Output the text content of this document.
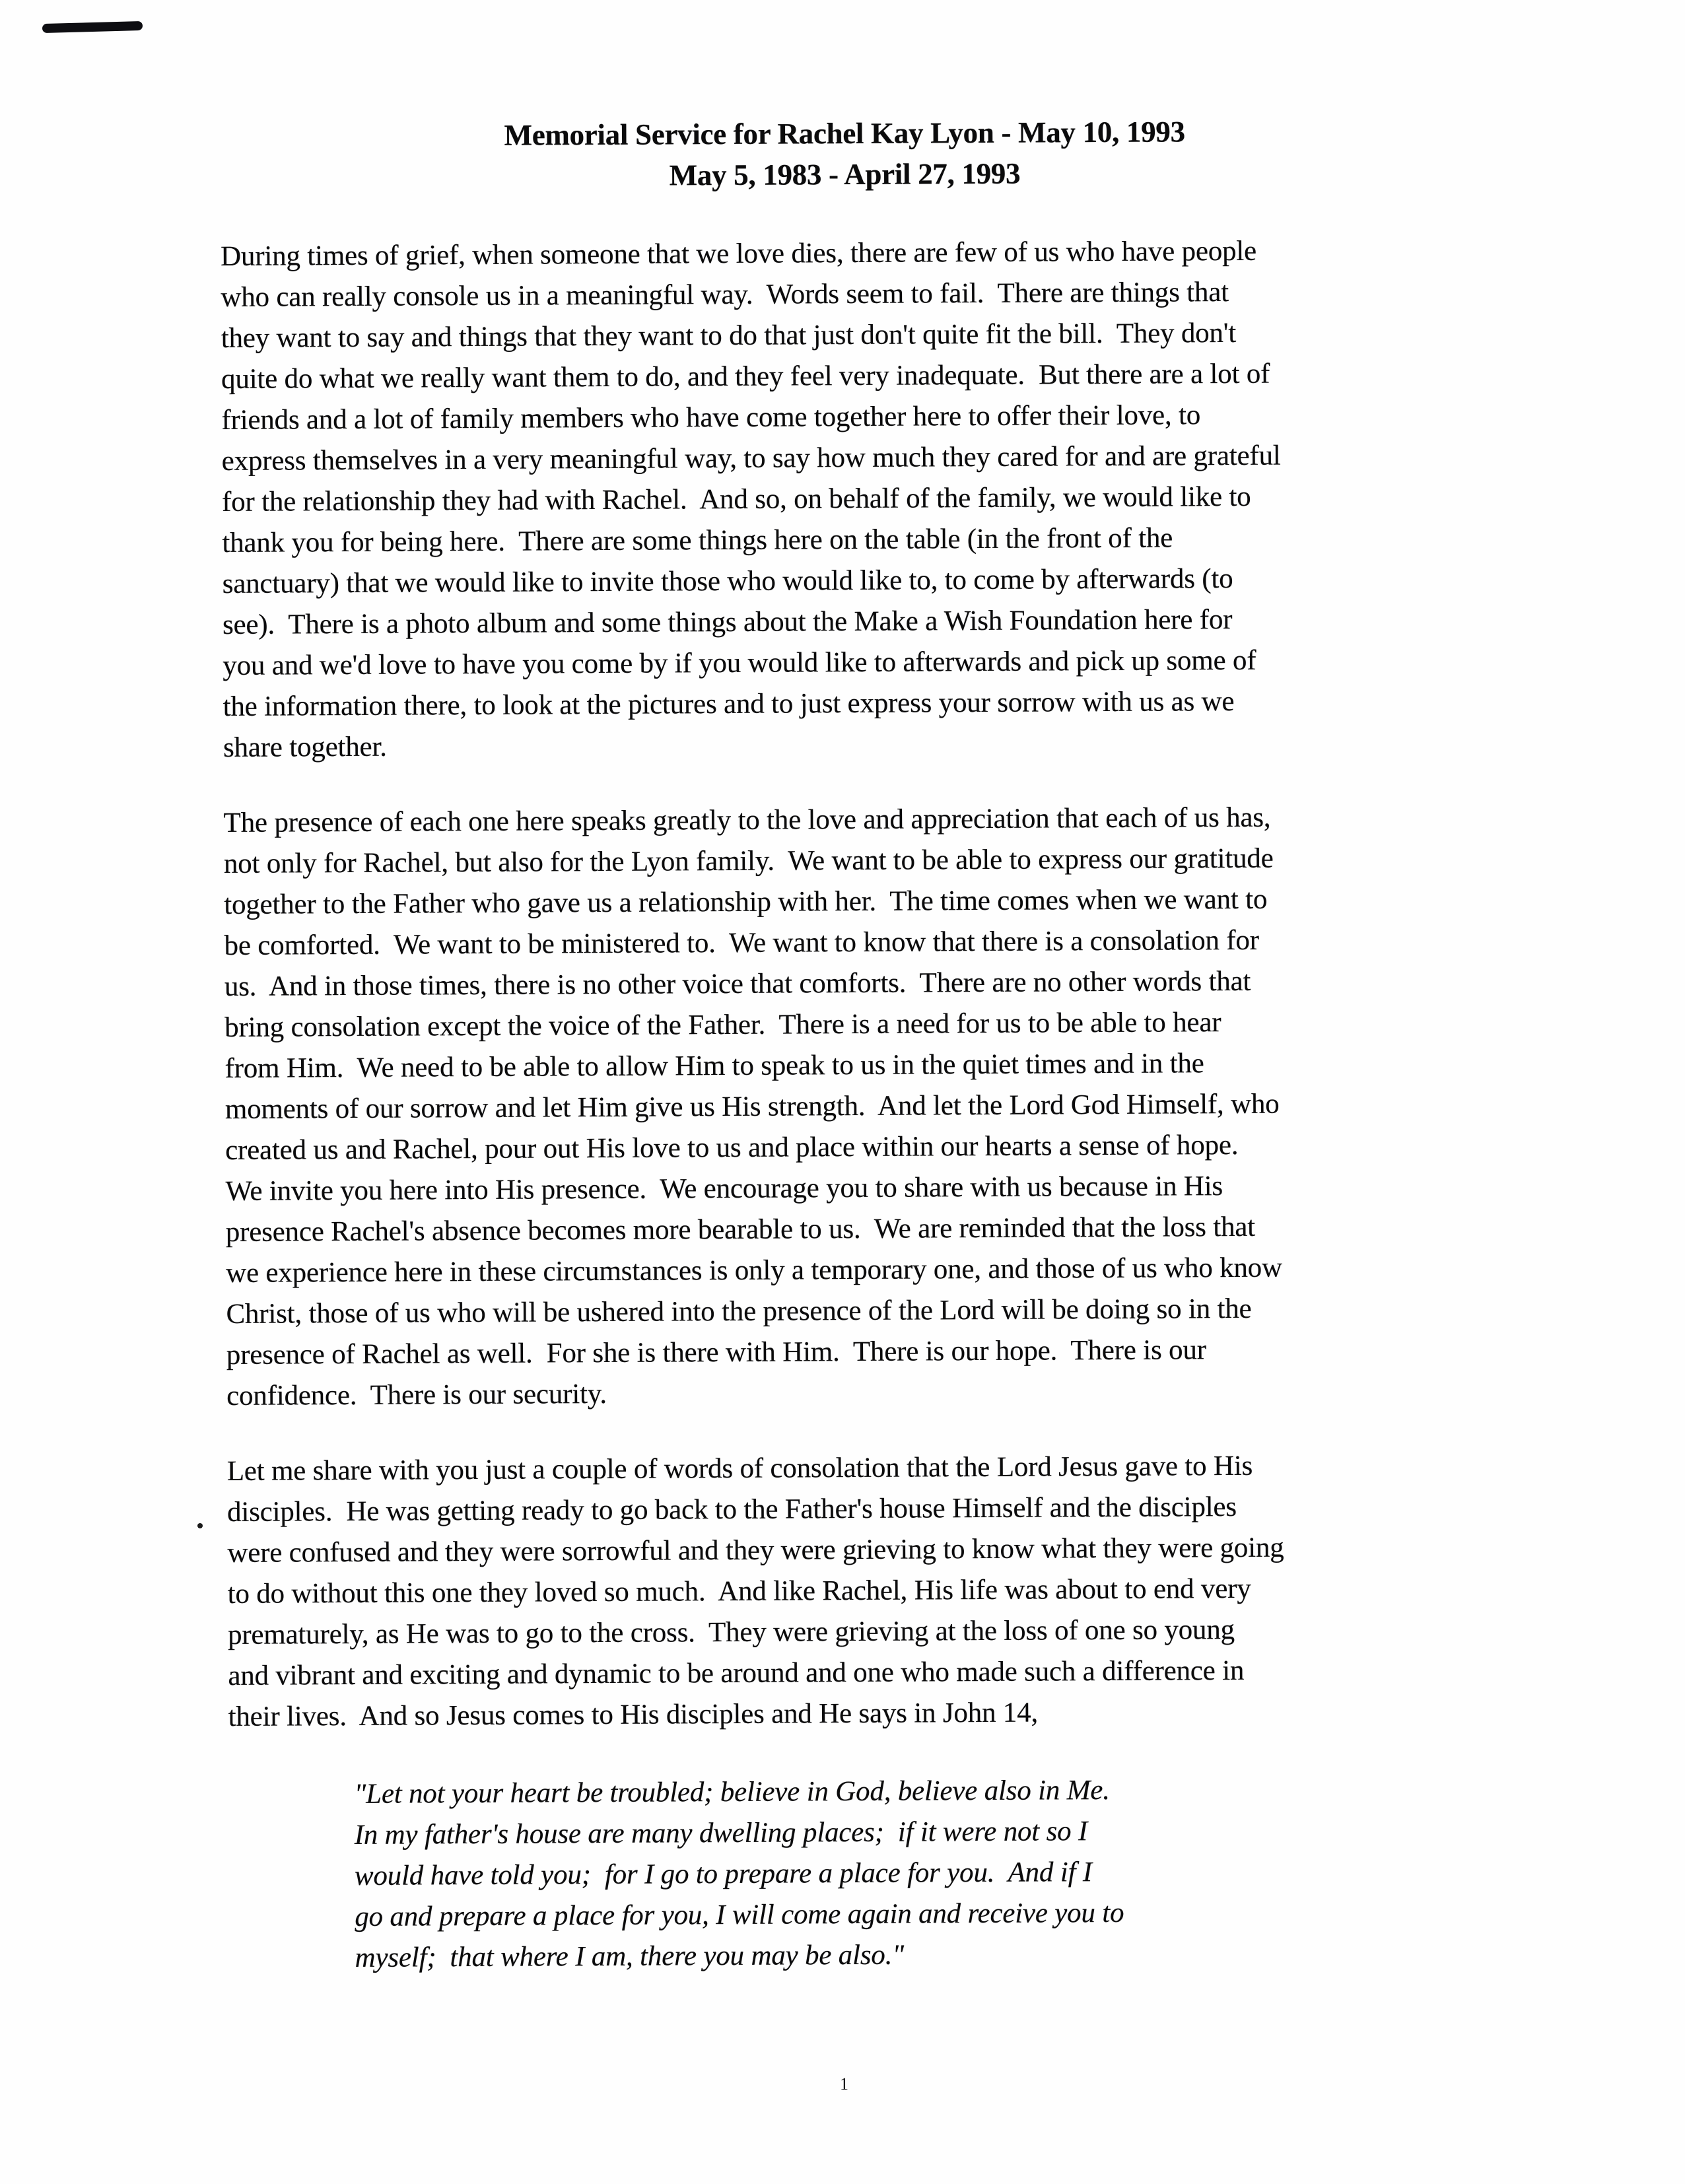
Memorial Service for Rachel Kay Lyon - May 10, 1993
May 5, 1983 - April 27, 1993
During times of grief, when someone that we love dies, there are few of us who have people
who can really console us in a meaningful way.  Words seem to fail.  There are things that
they want to say and things that they want to do that just don't quite fit the bill.  They don't
quite do what we really want them to do, and they feel very inadequate.  But there are a lot of
friends and a lot of family members who have come together here to offer their love, to
express themselves in a very meaningful way, to say how much they cared for and are grateful
for the relationship they had with Rachel.  And so, on behalf of the family, we would like to
thank you for being here.  There are some things here on the table (in the front of the
sanctuary) that we would like to invite those who would like to, to come by afterwards (to
see).  There is a photo album and some things about the Make a Wish Foundation here for
you and we'd love to have you come by if you would like to afterwards and pick up some of
the information there, to look at the pictures and to just express your sorrow with us as we
share together.
The presence of each one here speaks greatly to the love and appreciation that each of us has,
not only for Rachel, but also for the Lyon family.  We want to be able to express our gratitude
together to the Father who gave us a relationship with her.  The time comes when we want to
be comforted.  We want to be ministered to.  We want to know that there is a consolation for
us.  And in those times, there is no other voice that comforts.  There are no other words that
bring consolation except the voice of the Father.  There is a need for us to be able to hear
from Him.  We need to be able to allow Him to speak to us in the quiet times and in the
moments of our sorrow and let Him give us His strength.  And let the Lord God Himself, who
created us and Rachel, pour out His love to us and place within our hearts a sense of hope.
We invite you here into His presence.  We encourage you to share with us because in His
presence Rachel's absence becomes more bearable to us.  We are reminded that the loss that
we experience here in these circumstances is only a temporary one, and those of us who know
Christ, those of us who will be ushered into the presence of the Lord will be doing so in the
presence of Rachel as well.  For she is there with Him.  There is our hope.  There is our
confidence.  There is our security.
Let me share with you just a couple of words of consolation that the Lord Jesus gave to His
disciples.  He was getting ready to go back to the Father's house Himself and the disciples
were confused and they were sorrowful and they were grieving to know what they were going
to do without this one they loved so much.  And like Rachel, His life was about to end very
prematurely, as He was to go to the cross.  They were grieving at the loss of one so young
and vibrant and exciting and dynamic to be around and one who made such a difference in
their lives.  And so Jesus comes to His disciples and He says in John 14,
"Let not your heart be troubled; believe in God, believe also in Me.
In my father's house are many dwelling places;  if it were not so I
would have told you;  for I go to prepare a place for you.  And if I
go and prepare a place for you, I will come again and receive you to
myself;  that where I am, there you may be also."
1
